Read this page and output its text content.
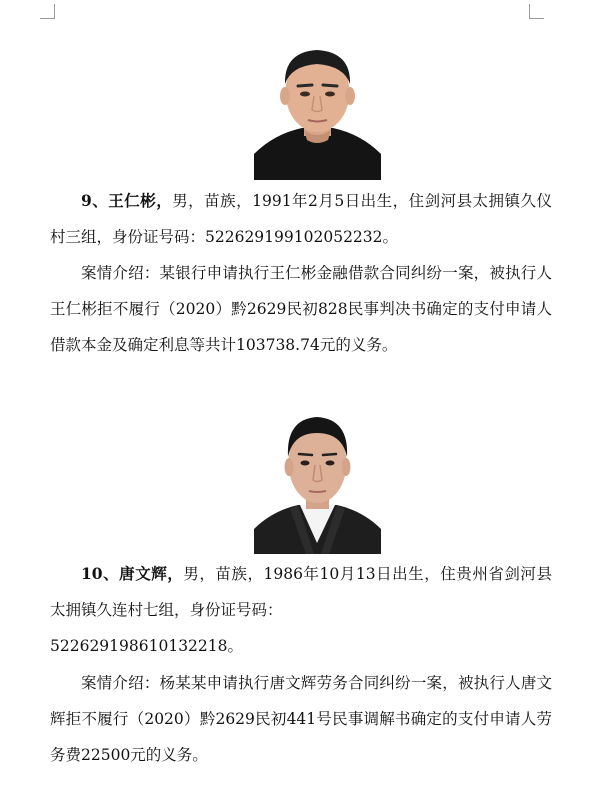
9、王仁彬，男，苗族，1991年2月5日出生，住剑河县太拥镇久仪村三组，身份证号码：522629199102052232。

案情介绍：某银行申请执行王仁彬金融借款合同纠纷一案，被执行人王仁彬拒不履行（2020）黔2629民初828民事判决书确定的支付申请人借款本金及确定利息等共计103738.74元的义务。

10、唐文辉，男，苗族，1986年10月13日出生，住贵州省剑河县太拥镇久连村七组，身份证号码：
522629198610132218。

案情介绍：杨某某申请执行唐文辉劳务合同纠纷一案，被执行人唐文辉拒不履行（2020）黔2629民初441号民事调解书确定的支付申请人劳务费22500元的义务。
